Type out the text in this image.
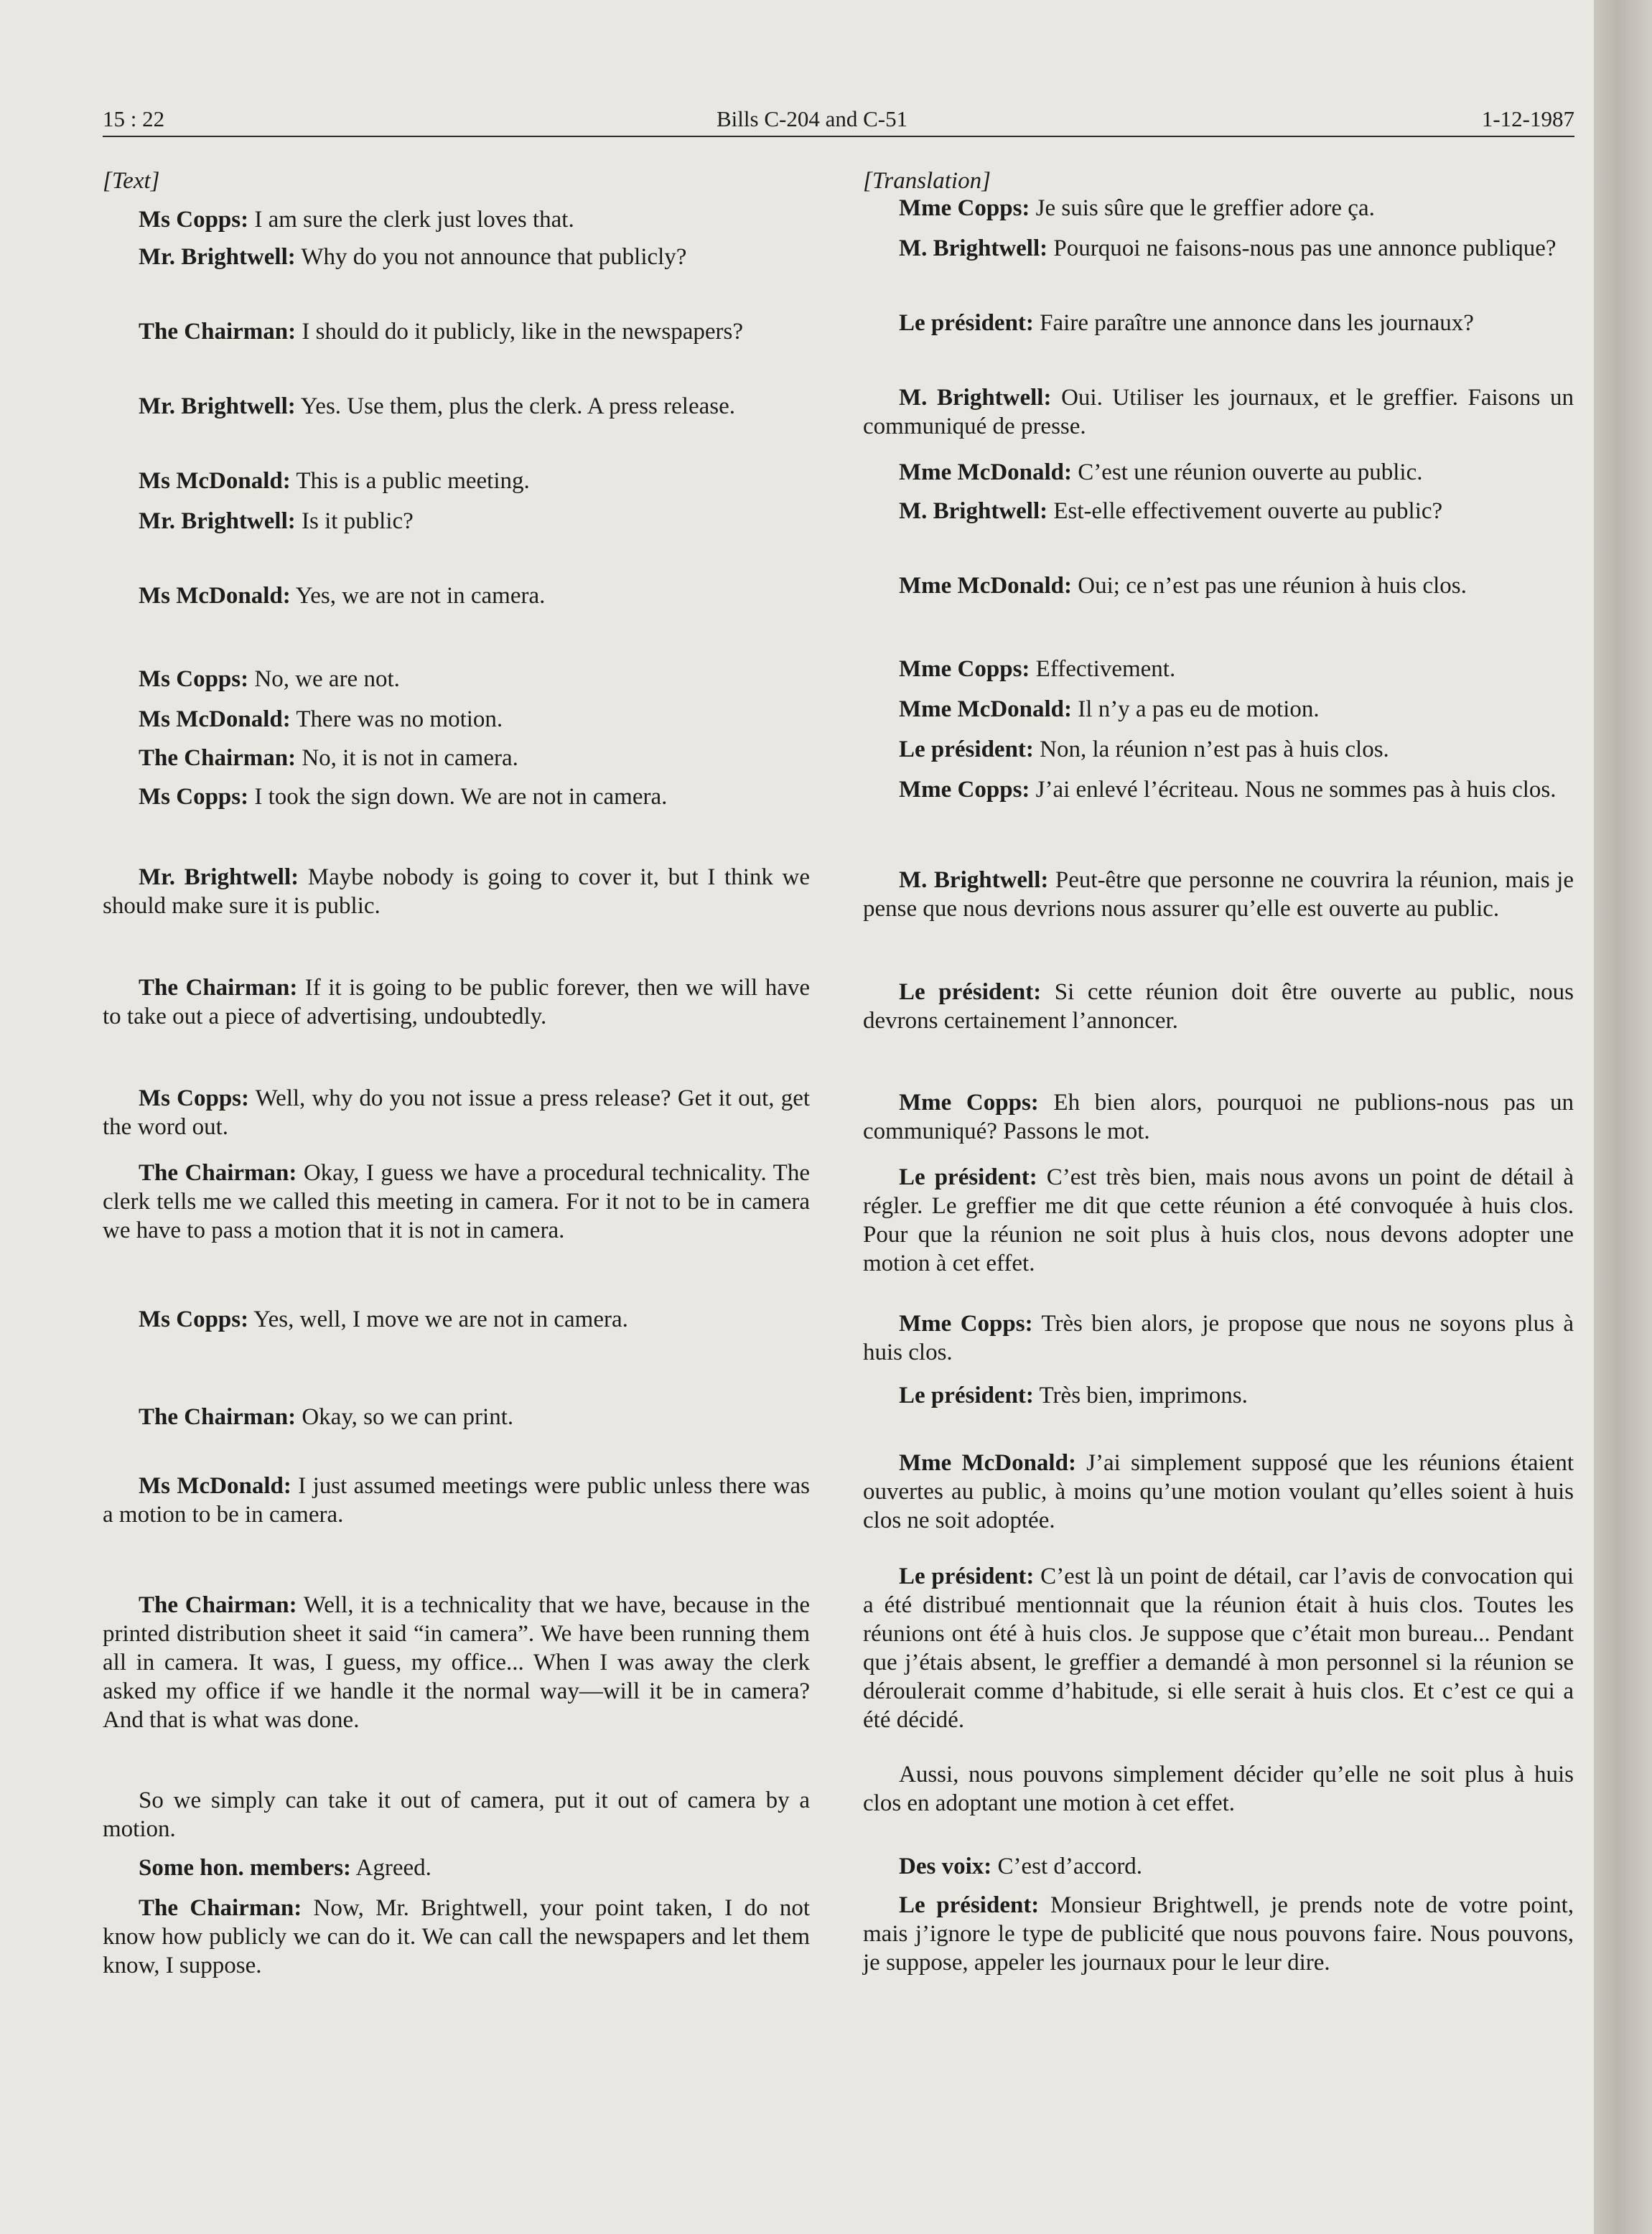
15 : 22	Bills C-204 and C-51	1-12-1987

[Text]

Ms Copps: I am sure the clerk just loves that.

Mr. Brightwell: Why do you not announce that publicly?

The Chairman: I should do it publicly, like in the newspapers?

Mr. Brightwell: Yes. Use them, plus the clerk. A press release.

Ms McDonald: This is a public meeting.

Mr. Brightwell: Is it public?

Ms McDonald: Yes, we are not in camera.

Ms Copps: No, we are not.

Ms McDonald: There was no motion.

The Chairman: No, it is not in camera.

Ms Copps: I took the sign down. We are not in camera.

Mr. Brightwell: Maybe nobody is going to cover it, but I think we should make sure it is public.

The Chairman: If it is going to be public forever, then we will have to take out a piece of advertising, undoubtedly.

Ms Copps: Well, why do you not issue a press release? Get it out, get the word out.

The Chairman: Okay, I guess we have a procedural technicality. The clerk tells me we called this meeting in camera. For it not to be in camera we have to pass a motion that it is not in camera.

Ms Copps: Yes, well, I move we are not in camera.

The Chairman: Okay, so we can print.

Ms McDonald: I just assumed meetings were public unless there was a motion to be in camera.

The Chairman: Well, it is a technicality that we have, because in the printed distribution sheet it said “in camera”. We have been running them all in camera. It was, I guess, my office... When I was away the clerk asked my office if we handle it the normal way—will it be in camera? And that is what was done.

So we simply can take it out of camera, put it out of camera by a motion.

Some hon. members: Agreed.

The Chairman: Now, Mr. Brightwell, your point taken, I do not know how publicly we can do it. We can call the newspapers and let them know, I suppose.

[Translation]

Mme Copps: Je suis sûre que le greffier adore ça.

M. Brightwell: Pourquoi ne faisons-nous pas une annonce publique?

Le président: Faire paraître une annonce dans les journaux?

M. Brightwell: Oui. Utiliser les journaux, et le greffier. Faisons un communiqué de presse.

Mme McDonald: C’est une réunion ouverte au public.

M. Brightwell: Est-elle effectivement ouverte au public?

Mme McDonald: Oui; ce n’est pas une réunion à huis clos.

Mme Copps: Effectivement.

Mme McDonald: Il n’y a pas eu de motion.

Le président: Non, la réunion n’est pas à huis clos.

Mme Copps: J’ai enlevé l’écriteau. Nous ne sommes pas à huis clos.

M. Brightwell: Peut-être que personne ne couvrira la réunion, mais je pense que nous devrions nous assurer qu’elle est ouverte au public.

Le président: Si cette réunion doit être ouverte au public, nous devrons certainement l’annoncer.

Mme Copps: Eh bien alors, pourquoi ne publions-nous pas un communiqué? Passons le mot.

Le président: C’est très bien, mais nous avons un point de détail à régler. Le greffier me dit que cette réunion a été convoquée à huis clos. Pour que la réunion ne soit plus à huis clos, nous devons adopter une motion à cet effet.

Mme Copps: Très bien alors, je propose que nous ne soyons plus à huis clos.

Le président: Très bien, imprimons.

Mme McDonald: J’ai simplement supposé que les réunions étaient ouvertes au public, à moins qu’une motion voulant qu’elles soient à huis clos ne soit adoptée.

Le président: C’est là un point de détail, car l’avis de convocation qui a été distribué mentionnait que la réunion était à huis clos. Toutes les réunions ont été à huis clos. Je suppose que c’était mon bureau... Pendant que j’étais absent, le greffier a demandé à mon personnel si la réunion se déroulerait comme d’habitude, si elle serait à huis clos. Et c’est ce qui a été décidé.

Aussi, nous pouvons simplement décider qu’elle ne soit plus à huis clos en adoptant une motion à cet effet.

Des voix: C’est d’accord.

Le président: Monsieur Brightwell, je prends note de votre point, mais j’ignore le type de publicité que nous pouvons faire. Nous pouvons, je suppose, appeler les journaux pour le leur dire.
